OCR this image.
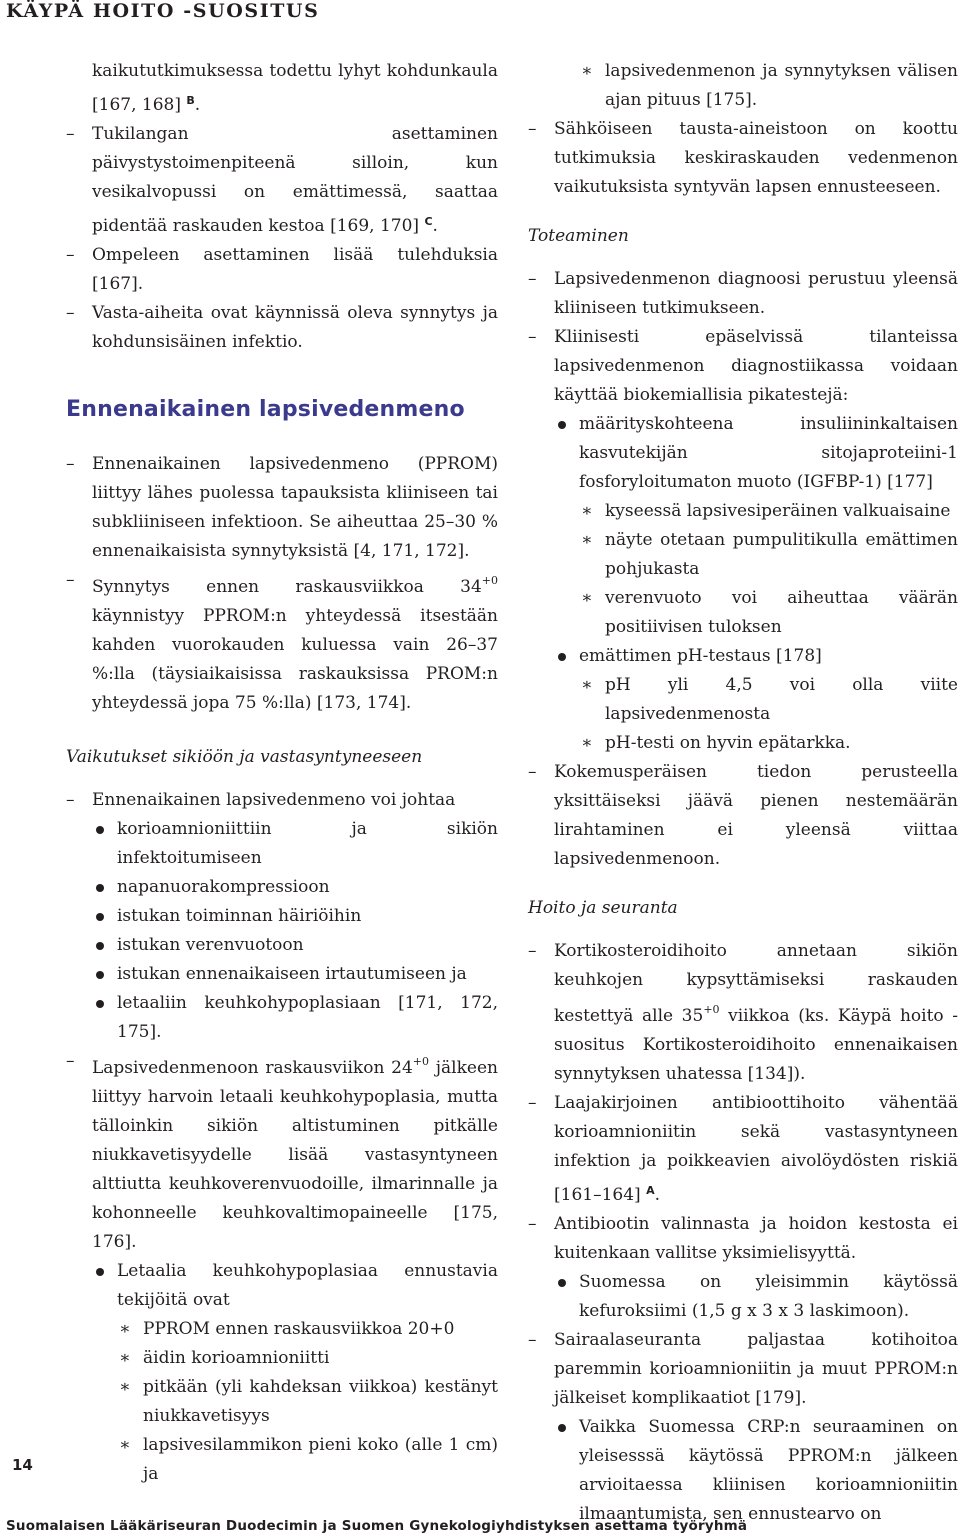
KÄYPÄ HOITO -SUOSITUS

kaikututkimuksessa todettu lyhyt kohdunkaula [167, 168] $^B$.

– Tukilangan asettaminen päivystystoimenpiteenä silloin, kun vesikalvopussi on emättimessä, saattaa pidentää raskauden kestoa [169, 170] $^C$.

– Ompeleen asettaminen lisää tulehduksia [167].

– Vasta-aiheita ovat käynnissä oleva synnytys ja kohdunsisäinen infektio.

Ennenaikainen lapsivedenmeno

– Ennenaikainen lapsivedenmeno (PPROM) liittyy lähes puolessa tapauksista kliiniseen tai subkliiniseen infektioon. Se aiheuttaa 25–30 % ennenaikaisista synnytyksistä [4, 171, 172].

– Synnytys ennen raskausviikkoa $34^{+0}$ käynnistyy PPROM:n yhteydessä itsestään kahden vuorokauden kuluessa vain 26–37 %:lla (täysiaikaisissa raskauksissa PROM:n yhteydessä jopa 75 %:lla) [173, 174].

Vaikutukset sikiöön ja vastasyntyneeseen

– Ennenaikainen lapsivedenmeno voi johtaa

korioamnioniittiin ja sikiön infektoitumiseen

napanuorakompressioon

istukan toiminnan häiriöihin

istukan verenvuotoon

istukan ennenaikaiseen irtautumiseen ja

letaaliin keuhkohypoplasiaan [171, 172, 175].

– Lapsivedenmenoon raskausviikon $24^{+0}$ jälkeen liittyy harvoin letaali keuhkohypoplasia, mutta tälloinkin sikiön altistuminen pitkälle niukkavetisyydelle lisää vastasyntyneen alttiutta keuhkoverenvuodoille, ilmarinnalle ja kohonneelle keuhkovaltimopaineelle [175, 176].

Letaalia keuhkohypoplasiaa ennustavia tekijöitä ovat

∗ PPROM ennen raskausviikkoa 20+0

∗ äidin korioamnioniitti

∗ pitkään (yli kahdeksan viikkoa) kestänyt niukkavetisyys

∗ lapsivesilammikon pieni koko (alle 1 cm) ja

∗ lapsivedenmenon ja synnytyksen välisen ajan pituus [175].

– Sähköiseen tausta-aineistoon on koottu tutkimuksia keskiraskauden vedenmenon vaikutuksista syntyvän lapsen ennusteeseen.

Toteaminen

– Lapsivedenmenon diagnoosi perustuu yleensä kliiniseen tutkimukseen.

– Kliinisesti epäselvissä tilanteissa lapsivedenmenon diagnostiikassa voidaan käyttää biokemiallisia pikatestejä:

määrityskohteena insuliininkaltaisen kasvutekijän sitojaproteiini-1 fosforyloitumaton muoto (IGFBP-1) [177]

∗ kyseessä lapsivesiperäinen valkuaisaine

∗ näyte otetaan pumpulitikulla emättimen pohjukasta

∗ verenvuoto voi aiheuttaa väärän positiivisen tuloksen

emättimen pH-testaus [178]

∗ pH yli 4,5 voi olla viite lapsivedenmenosta

∗ pH-testi on hyvin epätarkka.

– Kokemusperäisen tiedon perusteella yksittäiseksi jäävä pienen nestemäärän lirahtaminen ei yleensä viittaa lapsivedenmenoon.

Hoito ja seuranta

– Kortikosteroidihoito annetaan sikiön keuhkojen kypsyttämiseksi raskauden kestettyä alle $35^{+0}$ viikkoa (ks. Käypä hoito -suositus Kortikosteroidihoito ennenaikaisen synnytyksen uhatessa [134]).

– Laajakirjoinen antibioottihoito vähentää korioamnioniitin sekä vastasyntyneen infektion ja poikkeavien aivolöydösten riskiä [161–164] $^A$.

– Antibiootin valinnasta ja hoidon kestosta ei kuitenkaan vallitse yksimielisyyttä.

Suomessa on yleisimmin käytössä kefuroksiimi (1,5 g x 3 x 3 laskimoon).

– Sairaalaseuranta paljastaa kotihoitoa paremmin korioamnioniitin ja muut PPROM:n jälkeiset komplikaatiot [179].

Vaikka Suomessa CRP:n seuraaminen on yleisesssä käytössä PPROM:n jälkeen arvioitaessa kliinisen korioamnioniitin ilmaantumista, sen ennustearvo on

14
Suomalaisen Lääkäriseuran Duodecimin ja Suomen Gynekologiyhdistyksen asettama työryhmä
